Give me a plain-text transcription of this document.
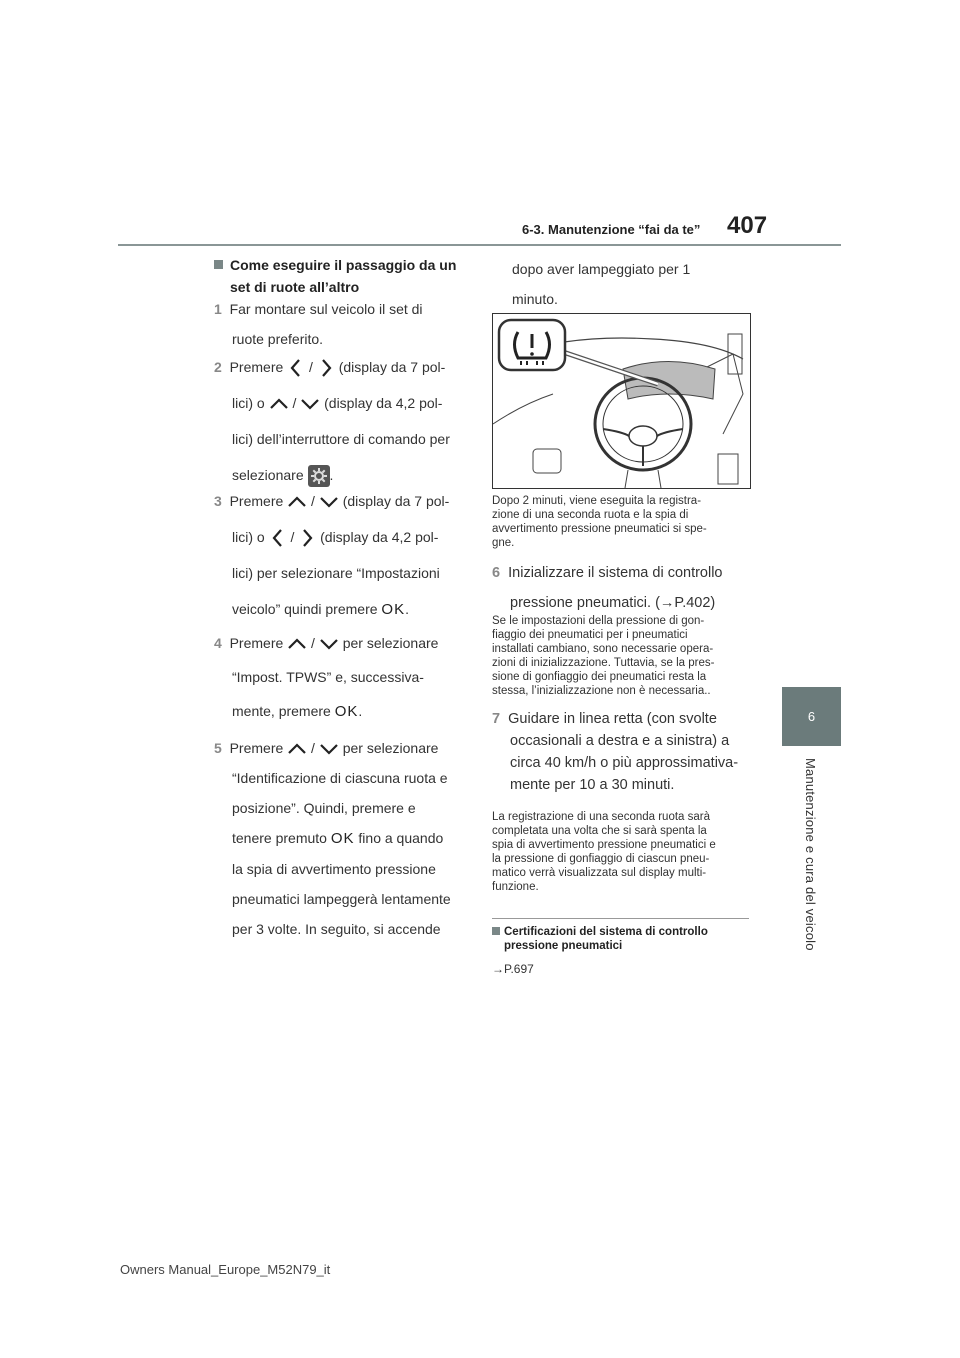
6-3. Manutenzione “fai da te” 407
6
Manutenzione e cura del veicolo
Come eseguire il passaggio da un set di ruote all’altro
1 Far montare sul veicolo il set di
ruote preferito.
2 Premere / (display da 7 pol-
lici) o / (display da 4,2 pol-
lici) dell’interruttore di comando per
selezionare .
3 Premere / (display da 7 pol-
lici) o / (display da 4,2 pol-
lici) per selezionare “Impostazioni
veicolo” quindi premere OK.
4 Premere / per selezionare
“Impost. TPWS” e, successiva-
mente, premere OK.
5 Premere / per selezionare
“Identificazione di ciascuna ruota e
posizione”. Quindi, premere e
tenere premuto OK fino a quando
la spia di avvertimento pressione
pneumatici lampeggerà lentamente
per 3 volte. In seguito, si accende
dopo aver lampeggiato per 1
minuto.
Dopo 2 minuti, viene eseguita la registra-
zione di una seconda ruota e la spia di
avvertimento pressione pneumatici si spe-
gne.
6 Inizializzare il sistema di controllo
pressione pneumatici. (→P.402)
Se le impostazioni della pressione di gon-
fiaggio dei pneumatici per i pneumatici
installati cambiano, sono necessarie opera-
zioni di inizializzazione. Tuttavia, se la pres-
sione di gonfiaggio dei pneumatici resta la
stessa, l’inizializzazione non è necessaria..
7 Guidare in linea retta (con svolte
occasionali a destra e a sinistra) a
circa 40 km/h o più approssimativa-
mente per 10 a 30 minuti.
La registrazione di una seconda ruota sarà
completata una volta che si sarà spenta la
spia di avvertimento pressione pneumatici e
la pressione di gonfiaggio di ciascun pneu-
matico verrà visualizzata sul display multi-
funzione.
Certificazioni del sistema di controllo
pressione pneumatici
→P.697
Owners Manual_Europe_M52N79_it
